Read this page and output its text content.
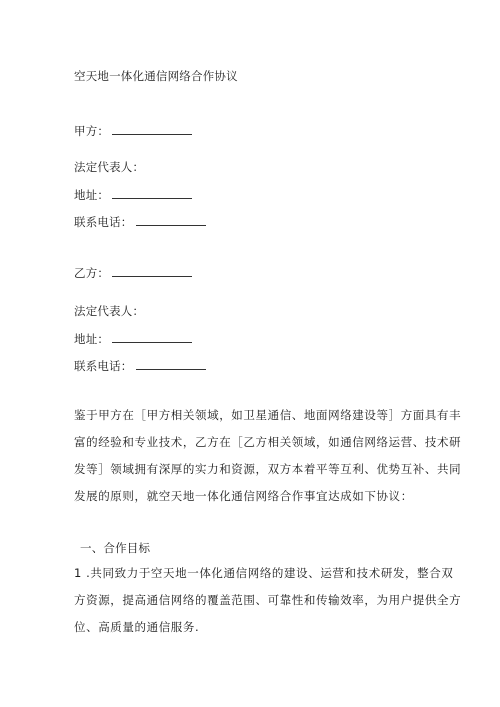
空天地一体化通信网络合作协议
甲方：
法定代表人：
地址：
联系电话：
乙方：
法定代表人：
地址：
联系电话：
鉴于甲方在［甲方相关领域，如卫星通信、地面网络建设等］方面具有丰
富的经验和专业技术，乙方在［乙方相关领域，如通信网络运营、技术研
发等］领域拥有深厚的实力和资源，双方本着平等互利、优势互补、共同
发展的原则，就空天地一体化通信网络合作事宜达成如下协议：
一、合作目标
1 .共同致力于空天地一体化通信网络的建设、运营和技术研发，整合双
方资源，提高通信网络的覆盖范围、可靠性和传输效率，为用户提供全方
位、高质量的通信服务.
